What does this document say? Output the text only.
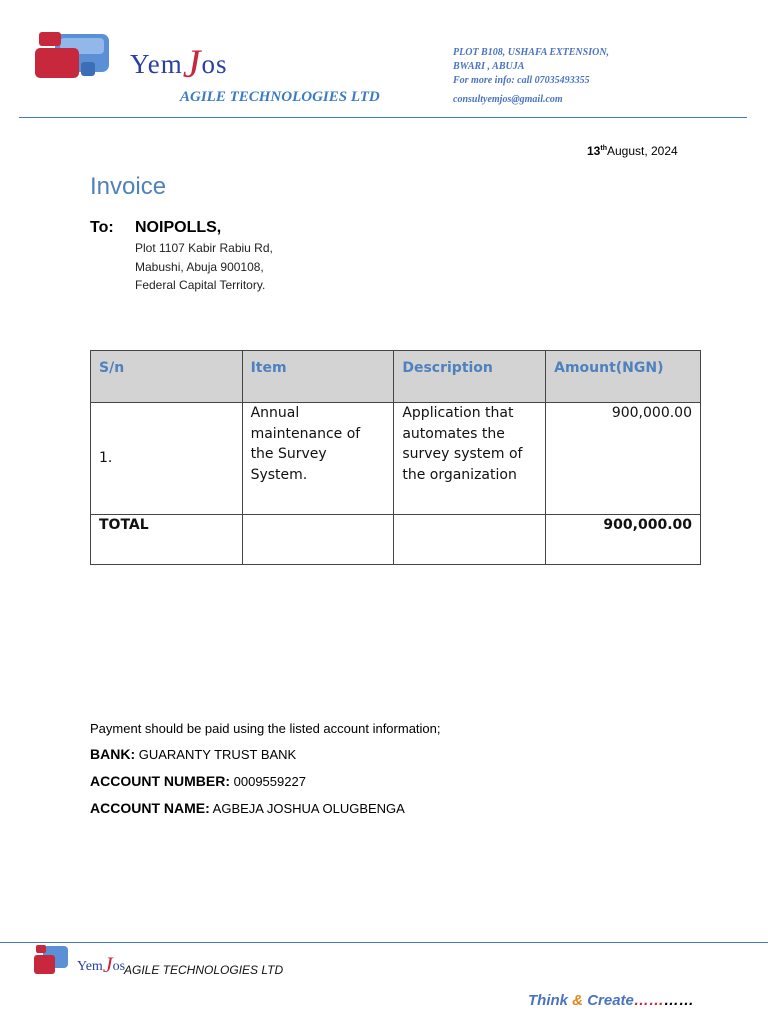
YemJos
AGILE TECHNOLOGIES LTD
PLOT B108, USHAFA EXTENSION,
BWARI , ABUJA
For more info: call 07035493355
consultyemjos@gmail.com
13thAugust, 2024
Invoice
To: NOIPOLLS,
Plot 1107 Kabir Rabiu Rd,
Mabushi, Abuja 900108,
Federal Capital Territory.
S/n	Item	Description	Amount(NGN)
1.	Annual maintenance of the Survey System.	Application that automates the survey system of the organization	900,000.00
TOTAL			900,000.00
Payment should be paid using the listed account information;
BANK: GUARANTY TRUST BANK
ACCOUNT NUMBER: 0009559227
ACCOUNT NAME: AGBEJA JOSHUA OLUGBENGA
YemJos
AGILE TECHNOLOGIES LTD
Think & Create…………
